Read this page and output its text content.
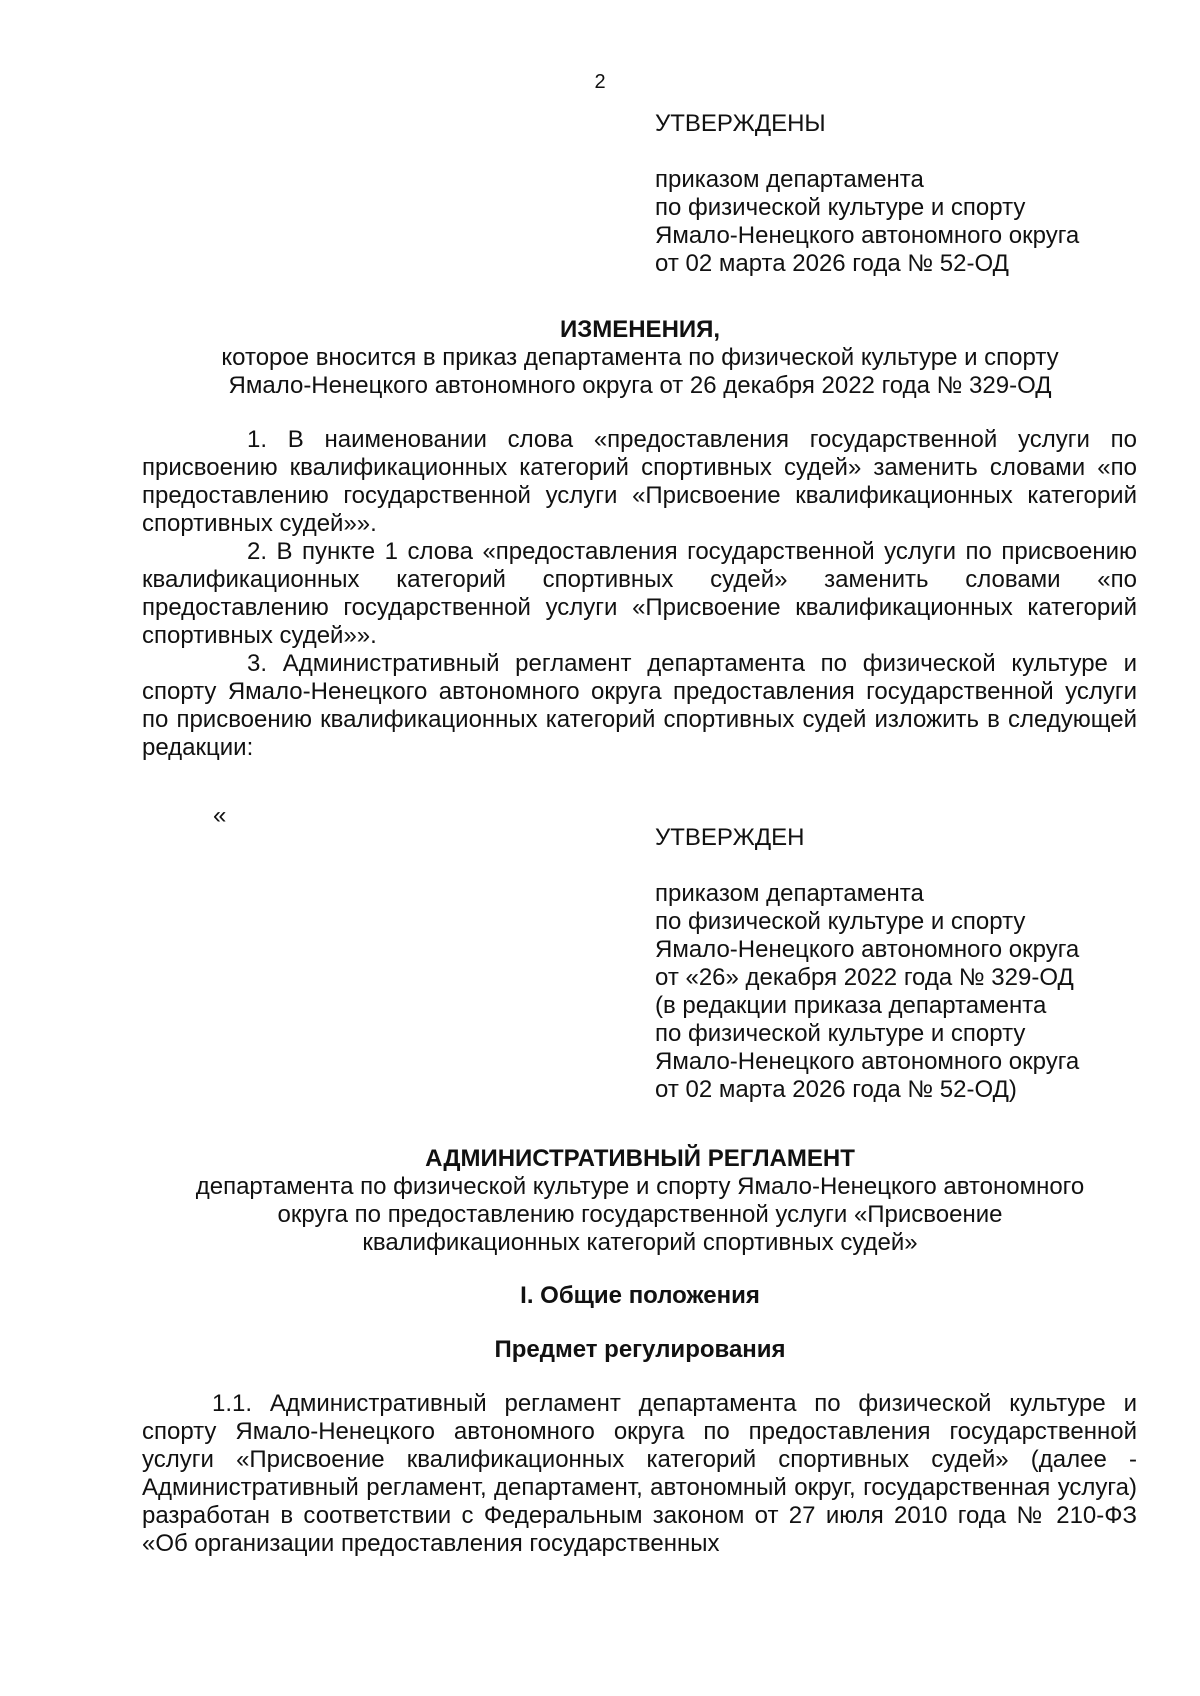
2
УТВЕРЖДЕНЫ
приказом департамента
по физической культуре и спорту
Ямало-Ненецкого автономного округа
от 02 марта 2026 года № 52-ОД
ИЗМЕНЕНИЯ,
которое вносится в приказ департамента по физической культуре и спорту
Ямало-Ненецкого автономного округа от 26 декабря 2022 года № 329-ОД

1. В наименовании слова «предоставления государственной услуги по присвоению квалификационных категорий спортивных судей» заменить словами «по предоставлению государственной услуги «Присвоение квалификационных категорий спортивных судей»».

2. В пункте 1 слова «предоставления государственной услуги по присвоению квалификационных категорий спортивных судей» заменить словами «по предоставлению государственной услуги «Присвоение квалификационных категорий спортивных судей»».

3. Административный регламент департамента по физической культуре и спорту Ямало-Ненецкого автономного округа предоставления государственной услуги по присвоению квалификационных категорий спортивных судей изложить в следующей редакции:

«
УТВЕРЖДЕН
приказом департамента
по физической культуре и спорту
Ямало-Ненецкого автономного округа
от «26» декабря 2022 года № 329-ОД
(в редакции приказа департамента
по физической культуре и спорту
Ямало-Ненецкого автономного округа
от 02 марта 2026 года № 52-ОД)
АДМИНИСТРАТИВНЫЙ РЕГЛАМЕНТ
департамента по физической культуре и спорту Ямало-Ненецкого автономного
округа по предоставлению государственной услуги «Присвоение
квалификационных категорий спортивных судей»
I. Общие положения
Предмет регулирования

1.1. Административный регламент департамента по физической культуре и спорту Ямало-Ненецкого автономного округа по предоставления государственной услуги «Присвоение квалификационных категорий спортивных судей» (далее - Административный регламент, департамент, автономный округ, государственная услуга) разработан в соответствии с Федеральным законом от 27 июля 2010 года № 210-ФЗ «Об организации предоставления государственных
